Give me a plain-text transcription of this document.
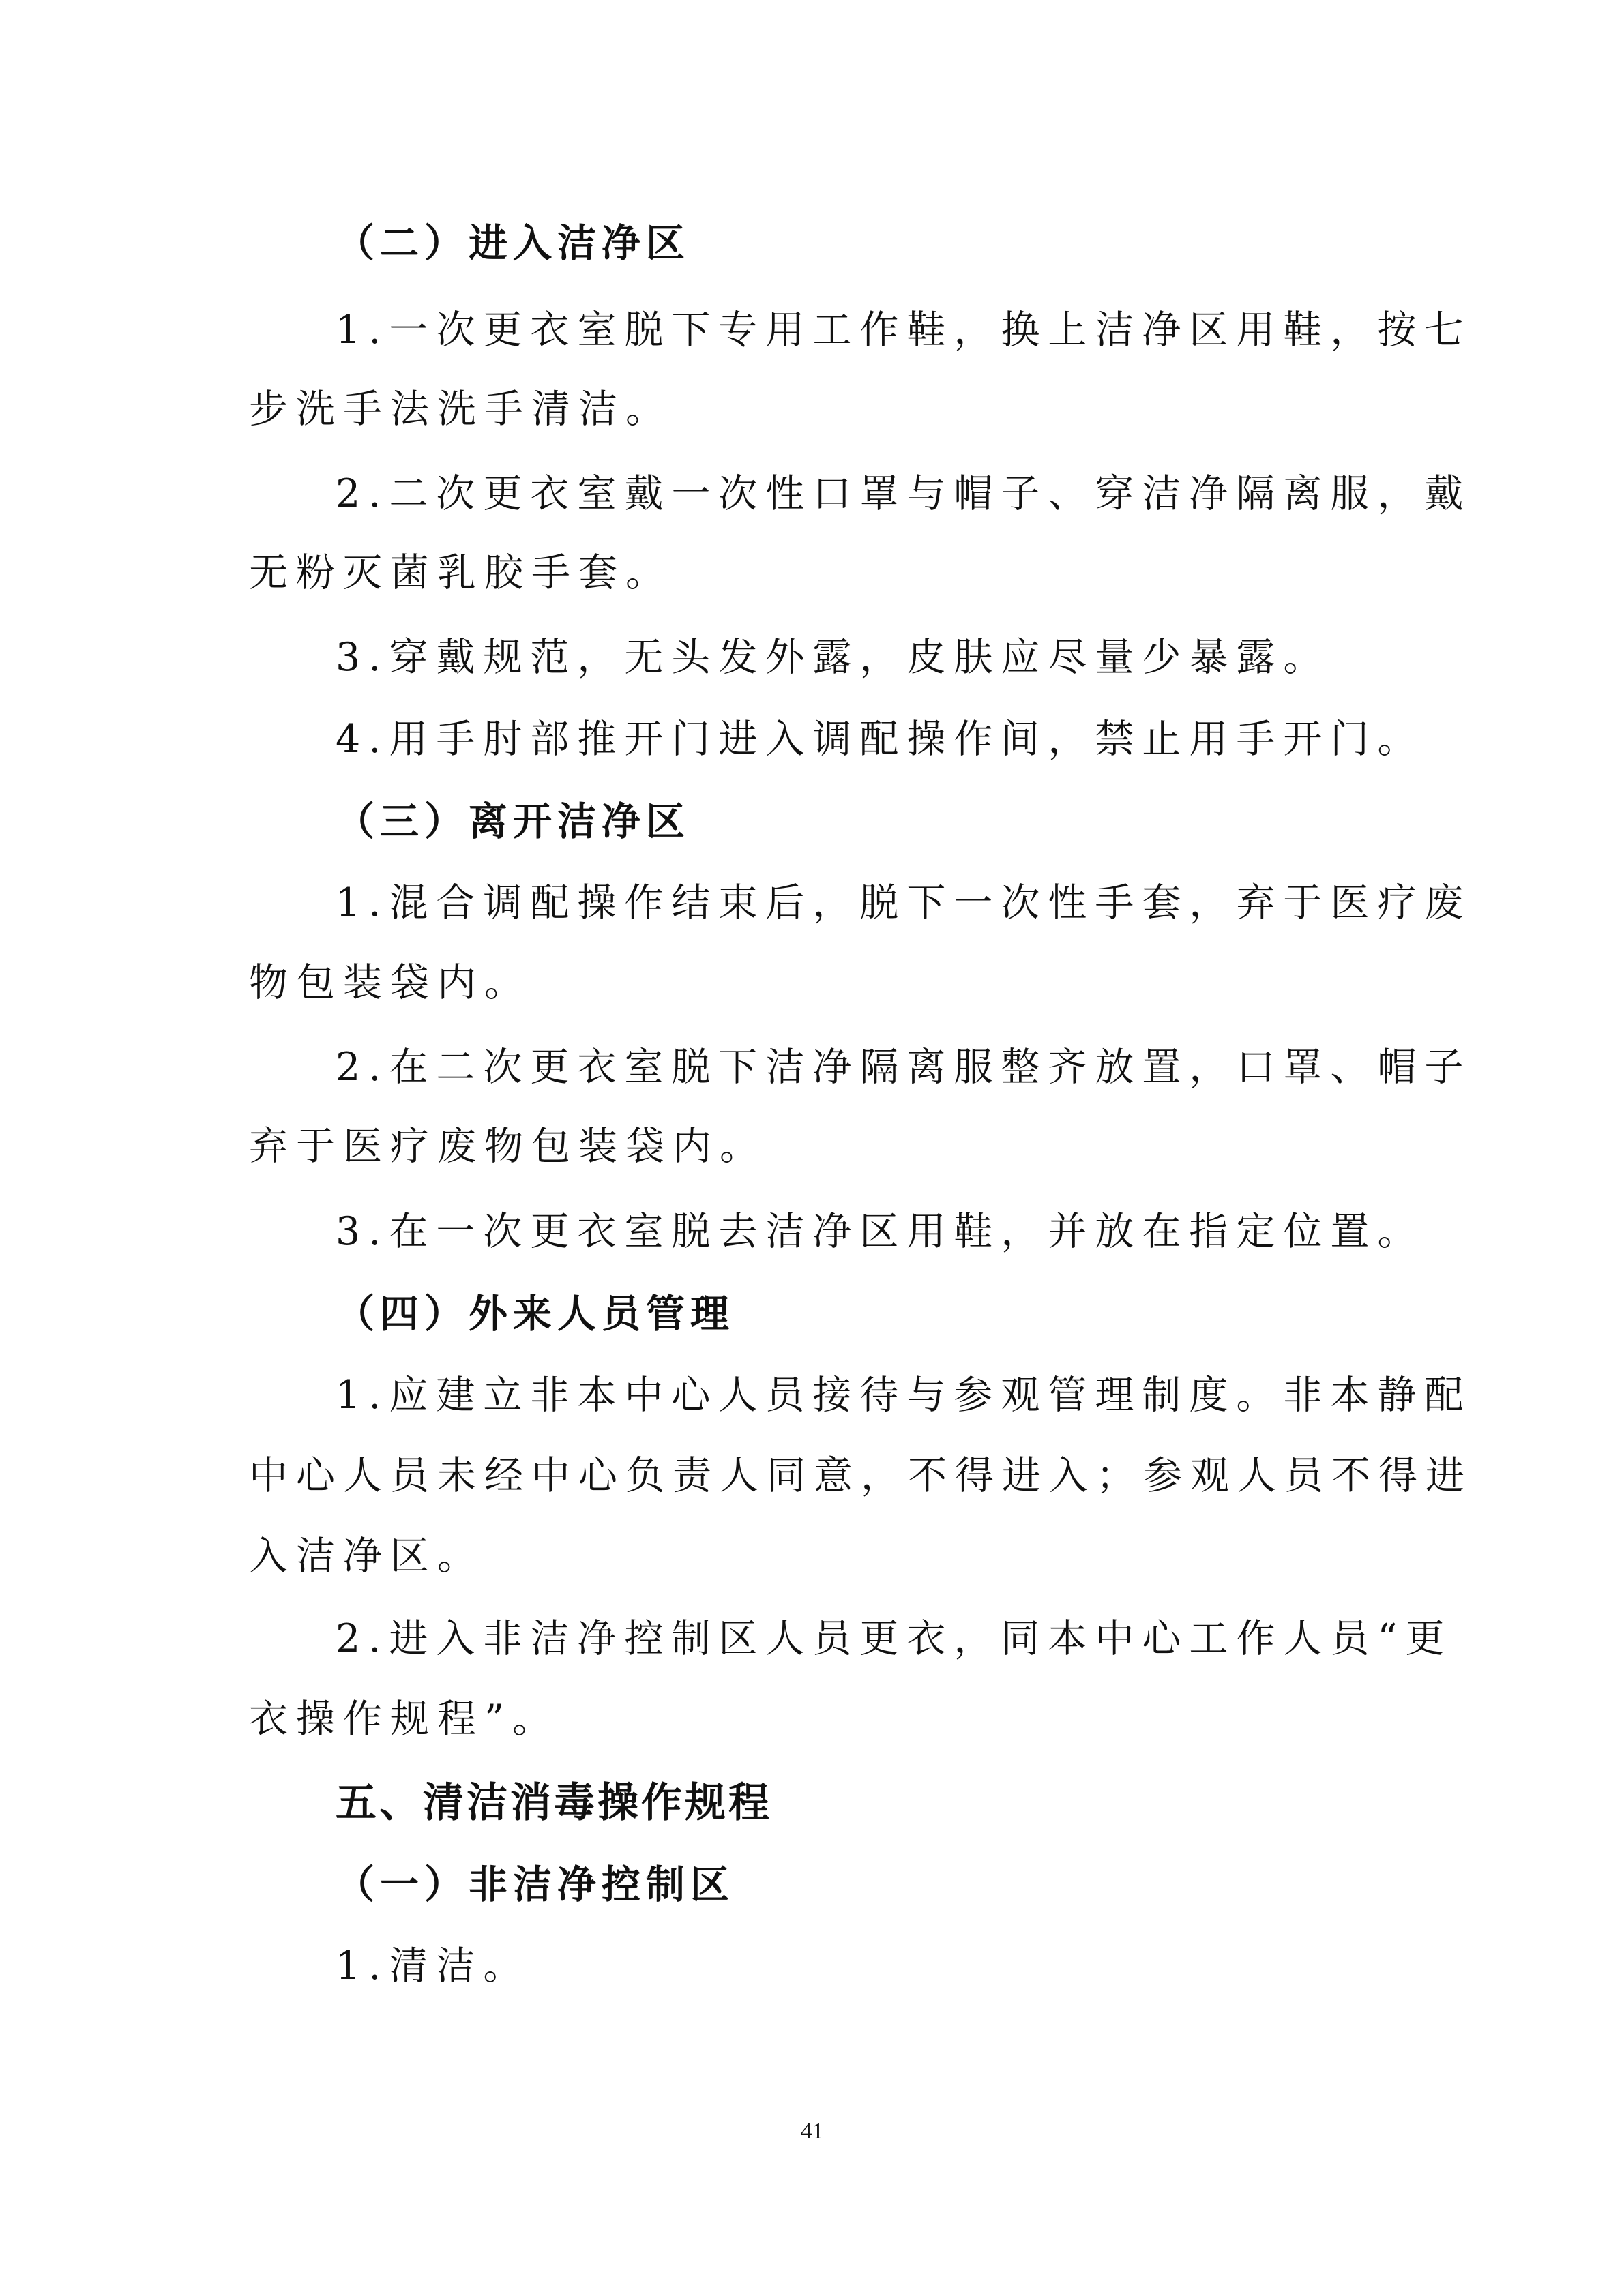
（二）进入洁净区
1.一次更衣室脱下专用工作鞋，换上洁净区用鞋，按七
步洗手法洗手清洁。
2.二次更衣室戴一次性口罩与帽子、穿洁净隔离服，戴
无粉灭菌乳胶手套。
3.穿戴规范，无头发外露，皮肤应尽量少暴露。
4.用手肘部推开门进入调配操作间，禁止用手开门。
（三）离开洁净区
1.混合调配操作结束后，脱下一次性手套，弃于医疗废
物包装袋内。
2.在二次更衣室脱下洁净隔离服整齐放置，口罩、帽子
弃于医疗废物包装袋内。
3.在一次更衣室脱去洁净区用鞋，并放在指定位置。
（四）外来人员管理
1.应建立非本中心人员接待与参观管理制度。非本静配
中心人员未经中心负责人同意，不得进入；参观人员不得进
入洁净区。
2.进入非洁净控制区人员更衣，同本中心工作人员“更
衣操作规程”。
五、清洁消毒操作规程
（一）非洁净控制区
1.清洁。
41
